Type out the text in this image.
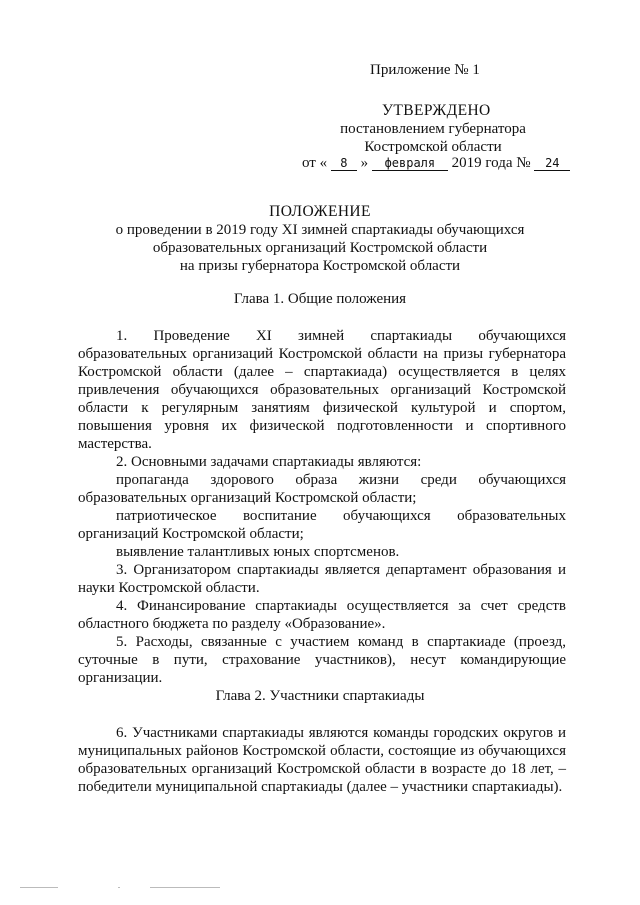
Приложение № 1
УТВЕРЖДЕНО
постановлением губернатора
Костромской области
от « 8 » февраля 2019 года № 24
ПОЛОЖЕНИЕ
о проведении в 2019 году XI зимней спартакиады обучающихся
образовательных организаций Костромской области
на призы губернатора Костромской области
Глава 1. Общие положения

1. Проведение XI зимней спартакиады обучающихся образовательных организаций Костромской области на призы губернатора Костромской области (далее – спартакиада) осуществляется в целях привлечения обучающихся образовательных организаций Костромской области к регулярным занятиям физической культурой и спортом, повышения уровня их физической подготовленности и спортивного мастерства.

2. Основными задачами спартакиады являются:

пропаганда здорового образа жизни среди обучающихся образовательных организаций Костромской области;

патриотическое воспитание обучающихся образовательных организаций Костромской области;

выявление талантливых юных спортсменов.

3. Организатором спартакиады является департамент образования и науки Костромской области.

4. Финансирование спартакиады осуществляется за счет средств областного бюджета по разделу «Образование».

5. Расходы, связанные с участием команд в спартакиаде (проезд, суточные в пути, страхование участников), несут командирующие организации.

Глава 2. Участники спартакиады

6. Участниками спартакиады являются команды городских округов и муниципальных районов Костромской области, состоящие из обучающихся образовательных организаций Костромской области в возрасте до 18 лет, – победители муниципальной спартакиады (далее – участники спартакиады).
